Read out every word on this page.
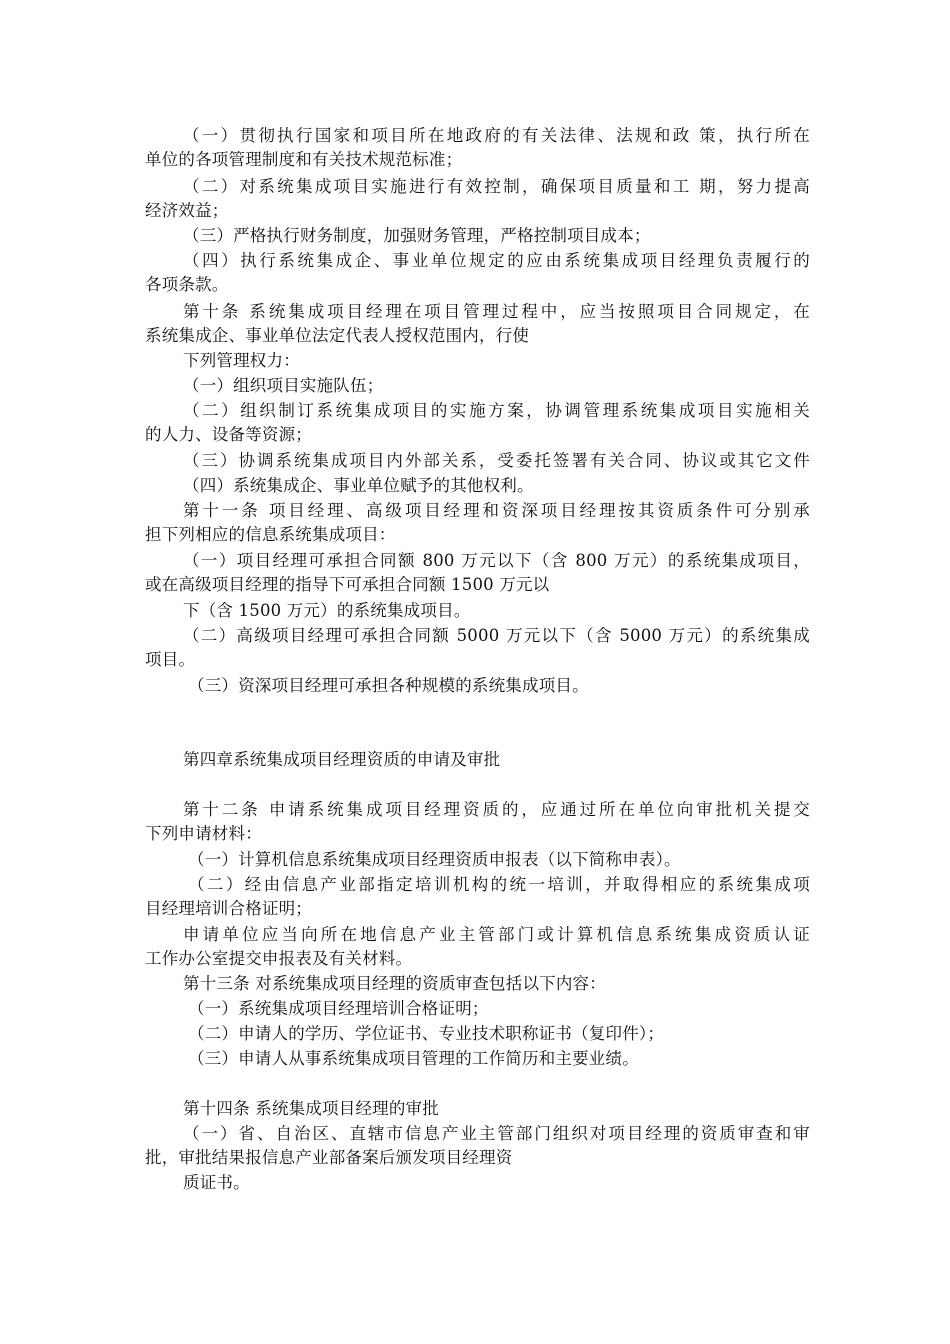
（一）贯彻执行国家和项目所在地政府的有关法律、法规和政 策，执行所在
单位的各项管理制度和有关技术规范标准；
（二）对系统集成项目实施进行有效控制，确保项目质量和工 期，努力提高
经济效益；
（三）严格执行财务制度，加强财务管理，严格控制项目成本；
（四）执行系统集成企、事业单位规定的应由系统集成项目经理负责履行的
各项条款。
第十条 系统集成项目经理在项目管理过程中，应当按照项目合同规定，在
系统集成企、事业单位法定代表人授权范围内，行使
下列管理权力：
（一）组织项目实施队伍；
（二）组织制订系统集成项目的实施方案，协调管理系统集成项目实施相关
的人力、设备等资源；
（三）协调系统集成项目内外部关系，受委托签署有关合同、协议或其它文件
（四）系统集成企、事业单位赋予的其他权利。
第十一条 项目经理、高级项目经理和资深项目经理按其资质条件可分别承
担下列相应的信息系统集成项目：
（一）项目经理可承担合同额 800 万元以下（含 800 万元）的系统集成项目，
或在高级项目经理的指导下可承担合同额 1500 万元以
下（含 1500 万元）的系统集成项目。
（二）高级项目经理可承担合同额 5000 万元以下（含 5000 万元）的系统集成
项目。
（三）资深项目经理可承担各种规模的系统集成项目。
第四章系统集成项目经理资质的申请及审批
第十二条 申请系统集成项目经理资质的，应通过所在单位向审批机关提交
下列申请材料：
（一）计算机信息系统集成项目经理资质申报表（以下简称申表）。
（二）经由信息产业部指定培训机构的统一培训，并取得相应的系统集成项
目经理培训合格证明；
申请单位应当向所在地信息产业主管部门或计算机信息系统集成资质认证
工作办公室提交申报表及有关材料。
第十三条 对系统集成项目经理的资质审查包括以下内容：
（一）系统集成项目经理培训合格证明；
（二）申请人的学历、学位证书、专业技术职称证书（复印件）；
（三）申请人从事系统集成项目管理的工作简历和主要业绩。
第十四条 系统集成项目经理的审批
（一）省、自治区、直辖市信息产业主管部门组织对项目经理的资质审查和审
批，审批结果报信息产业部备案后颁发项目经理资
质证书。
